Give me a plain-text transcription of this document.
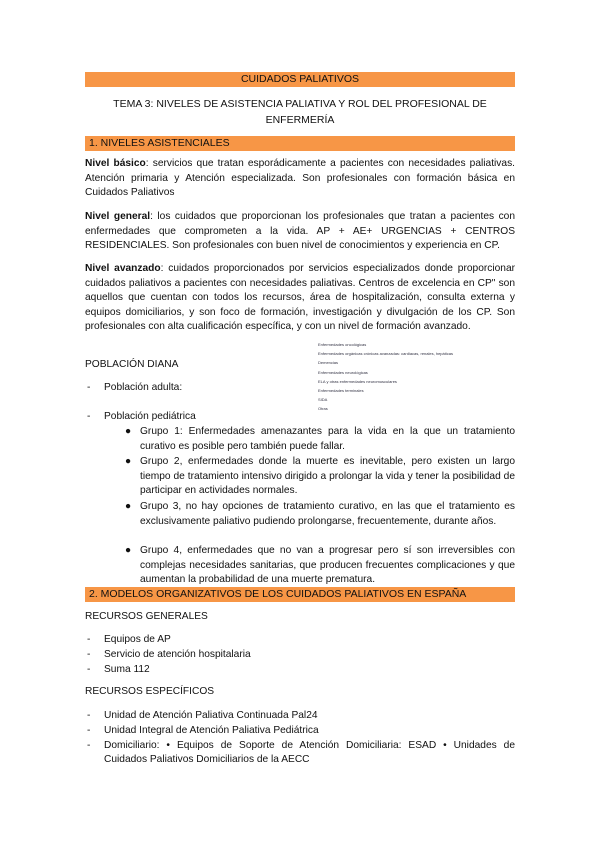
CUIDADOS PALIATIVOS
TEMA 3: NIVELES DE ASISTENCIA PALIATIVA Y ROL DEL PROFESIONAL DE ENFERMERÍA
1. NIVELES ASISTENCIALES
Nivel básico: servicios que tratan esporádicamente a pacientes con necesidades paliativas. Atención primaria y Atención especializada. Son profesionales con formación básica en Cuidados Paliativos
Nivel general: los cuidados que proporcionan los profesionales que tratan a pacientes con enfermedades que comprometen a la vida. AP + AE+ URGENCIAS + CENTROS RESIDENCIALES. Son profesionales con buen nivel de conocimientos y experiencia en CP.
Nivel avanzado: cuidados proporcionados por servicios especializados donde proporcionar cuidados paliativos a pacientes con necesidades paliativas. Centros de excelencia en CP" son aquellos que cuentan con todos los recursos, área de hospitalización, consulta externa y equipos domiciliarios, y son foco de formación, investigación y divulgación de los CP. Son profesionales con alta cualificación específica, y con un nivel de formación avanzado.
Enfermedades oncológicas
Enfermedades orgánicas crónicas avanzadas: cardiacas, renales, hepáticas
Demencias
Enfermedades neurológicas
ELA y otras enfermedades neuromusculares
Enfermedades terminales
SIDA
Otras
POBLACIÓN DIANA
- Población adulta:
- Población pediátrica
● Grupo 1: Enfermedades amenazantes para la vida en la que un tratamiento curativo es posible pero también puede fallar.
● Grupo 2, enfermedades donde la muerte es inevitable, pero existen un largo tiempo de tratamiento intensivo dirigido a prolongar la vida y tener la posibilidad de participar en actividades normales.
● Grupo 3, no hay opciones de tratamiento curativo, en las que el tratamiento es exclusivamente paliativo pudiendo prolongarse, frecuentemente, durante años.
● Grupo 4, enfermedades que no van a progresar pero sí son irreversibles con complejas necesidades sanitarias, que producen frecuentes complicaciones y que aumentan la probabilidad de una muerte prematura.
2. MODELOS ORGANIZATIVOS DE LOS CUIDADOS PALIATIVOS EN ESPAÑA
RECURSOS GENERALES
- Equipos de AP
- Servicio de atención hospitalaria
- Suma 112
RECURSOS ESPECÍFICOS
- Unidad de Atención Paliativa Continuada Pal24
- Unidad Integral de Atención Paliativa Pediátrica
- Domiciliario: • Equipos de Soporte de Atención Domiciliaria: ESAD • Unidades de Cuidados Paliativos Domiciliarios de la AECC
